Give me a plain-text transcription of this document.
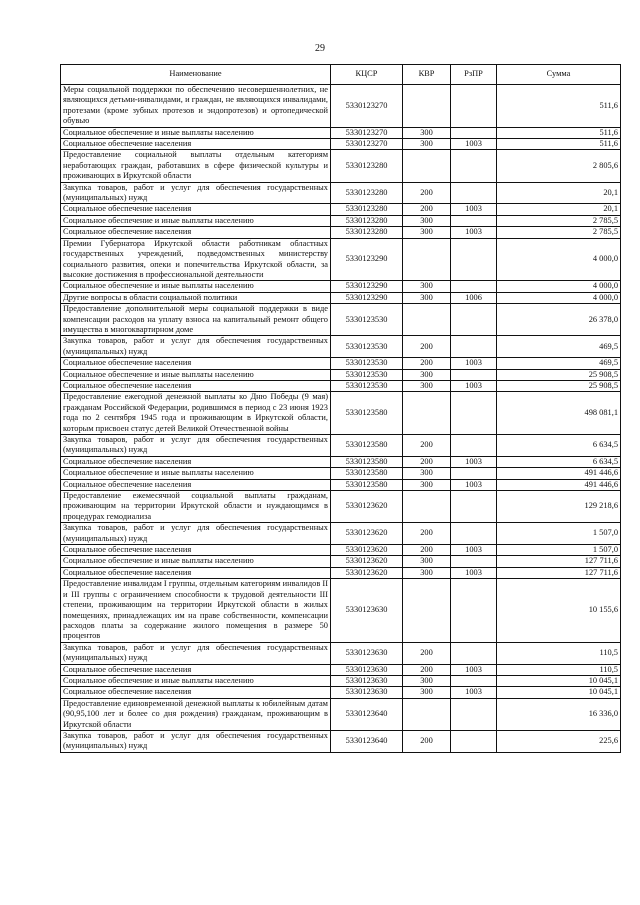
29
Наименование	КЦСР	КВР	РзПР	Сумма
Меры социальной поддержки по обеспечению несовершеннолетних, не являющихся детьми-инвалидами, и граждан, не являющихся инвалидами, протезами (кроме зубных протезов и эндопротезов) и ортопедической обувью	5330123270			511,6
Социальное обеспечение и иные выплаты населению	5330123270	300		511,6
Социальное обеспечение населения	5330123270	300	1003	511,6
Предоставление социальной выплаты отдельным категориям неработающих граждан, работавших в сфере физической культуры и проживающих в Иркутской области	5330123280			2 805,6
Закупка товаров, работ и услуг для обеспечения государственных (муниципальных) нужд	5330123280	200		20,1
Социальное обеспечение населения	5330123280	200	1003	20,1
Социальное обеспечение и иные выплаты населению	5330123280	300		2 785,5
Социальное обеспечение населения	5330123280	300	1003	2 785,5
Премии Губернатора Иркутской области работникам областных государственных учреждений, подведомственных министерству социального развития, опеки и попечительства Иркутской области, за высокие достижения в профессиональной деятельности	5330123290			4 000,0
Социальное обеспечение и иные выплаты населению	5330123290	300		4 000,0
Другие вопросы в области социальной политики	5330123290	300	1006	4 000,0
Предоставление дополнительной меры социальной поддержки в виде компенсации расходов на уплату взноса на капитальный ремонт общего имущества в многоквартирном доме	5330123530			26 378,0
Закупка товаров, работ и услуг для обеспечения государственных (муниципальных) нужд	5330123530	200		469,5
Социальное обеспечение населения	5330123530	200	1003	469,5
Социальное обеспечение и иные выплаты населению	5330123530	300		25 908,5
Социальное обеспечение населения	5330123530	300	1003	25 908,5
Предоставление ежегодной денежной выплаты ко Дню Победы (9 мая) гражданам Российской Федерации, родившимся в период с 23 июня 1923 года по 2 сентября 1945 года и проживающим в Иркутской области, которым присвоен статус детей Великой Отечественной войны	5330123580			498 081,1
Закупка товаров, работ и услуг для обеспечения государственных (муниципальных) нужд	5330123580	200		6 634,5
Социальное обеспечение населения	5330123580	200	1003	6 634,5
Социальное обеспечение и иные выплаты населению	5330123580	300		491 446,6
Социальное обеспечение населения	5330123580	300	1003	491 446,6
Предоставление ежемесячной социальной выплаты гражданам, проживающим на территории Иркутской области и нуждающимся в процедурах гемодиализа	5330123620			129 218,6
Закупка товаров, работ и услуг для обеспечения государственных (муниципальных) нужд	5330123620	200		1 507,0
Социальное обеспечение населения	5330123620	200	1003	1 507,0
Социальное обеспечение и иные выплаты населению	5330123620	300		127 711,6
Социальное обеспечение населения	5330123620	300	1003	127 711,6
Предоставление инвалидам I группы, отдельным категориям инвалидов II и III группы с ограничением способности к трудовой деятельности III степени, проживающим на территории Иркутской области в жилых помещениях, принадлежащих им на праве собственности, компенсации расходов платы за содержание жилого помещения в размере 50 процентов	5330123630			10 155,6
Закупка товаров, работ и услуг для обеспечения государственных (муниципальных) нужд	5330123630	200		110,5
Социальное обеспечение населения	5330123630	200	1003	110,5
Социальное обеспечение и иные выплаты населению	5330123630	300		10 045,1
Социальное обеспечение населения	5330123630	300	1003	10 045,1
Предоставление единовременной денежной выплаты к юбилейным датам (90,95,100 лет и более со дня рождения) гражданам, проживающим в Иркутской области	5330123640			16 336,0
Закупка товаров, работ и услуг для обеспечения государственных (муниципальных) нужд	5330123640	200		225,6
